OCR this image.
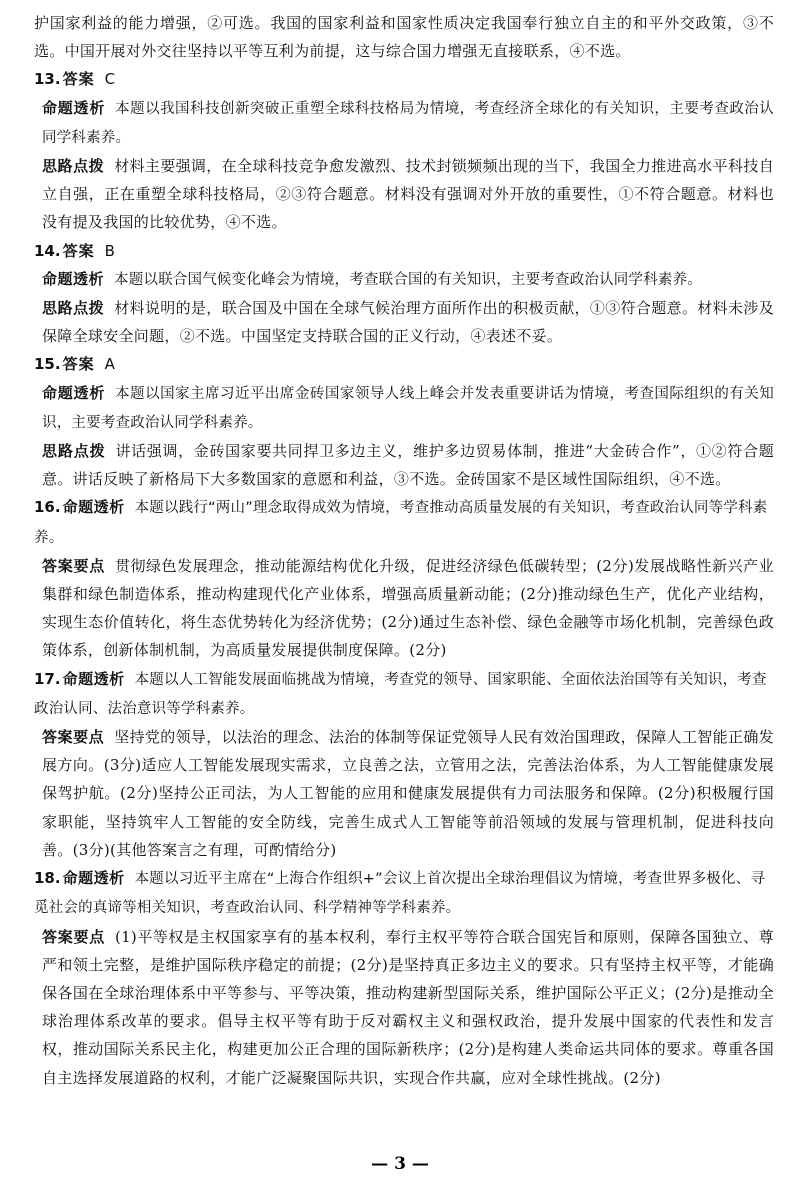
护国家利益的能力增强，②可选。我国的国家利益和国家性质决定我国奉行独立自主的和平外交政策，③不选。中国开展对外交往坚持以平等互利为前提，这与综合国力增强无直接联系，④不选。

13. 答案 C

命题透析 本题以我国科技创新突破正重塑全球科技格局为情境，考查经济全球化的有关知识，主要考查政治认同学科素养。

思路点拨 材料主要强调，在全球科技竞争愈发激烈、技术封锁频频出现的当下，我国全力推进高水平科技自立自强，正在重塑全球科技格局，②③符合题意。材料没有强调对外开放的重要性，①不符合题意。材料也没有提及我国的比较优势，④不选。

14. 答案 B

命题透析 本题以联合国气候变化峰会为情境，考查联合国的有关知识，主要考查政治认同学科素养。

思路点拨 材料说明的是，联合国及中国在全球气候治理方面所作出的积极贡献，①③符合题意。材料未涉及保障全球安全问题，②不选。中国坚定支持联合国的正义行动，④表述不妥。

15. 答案 A

命题透析 本题以国家主席习近平出席金砖国家领导人线上峰会并发表重要讲话为情境，考查国际组织的有关知识，主要考查政治认同学科素养。

思路点拨 讲话强调，金砖国家要共同捍卫多边主义，维护多边贸易体制，推进“大金砖合作”，①②符合题意。讲话反映了新格局下大多数国家的意愿和利益，③不选。金砖国家不是区域性国际组织，④不选。

16. 命题透析 本题以践行“两山”理念取得成效为情境，考查推动高质量发展的有关知识，考查政治认同等学科素养。

答案要点 贯彻绿色发展理念，推动能源结构优化升级，促进经济绿色低碳转型；(2分)发展战略性新兴产业集群和绿色制造体系，推动构建现代化产业体系，增强高质量新动能；(2分)推动绿色生产，优化产业结构，实现生态价值转化，将生态优势转化为经济优势；(2分)通过生态补偿、绿色金融等市场化机制，完善绿色政策体系，创新体制机制，为高质量发展提供制度保障。(2分)

17. 命题透析 本题以人工智能发展面临挑战为情境，考查党的领导、国家职能、全面依法治国等有关知识，考查政治认同、法治意识等学科素养。

答案要点 坚持党的领导，以法治的理念、法治的体制等保证党领导人民有效治国理政，保障人工智能正确发展方向。(3分)适应人工智能发展现实需求，立良善之法，立管用之法，完善法治体系，为人工智能健康发展保驾护航。(2分)坚持公正司法，为人工智能的应用和健康发展提供有力司法服务和保障。(2分)积极履行国家职能，坚持筑牢人工智能的安全防线，完善生成式人工智能等前沿领域的发展与管理机制，促进科技向善。(3分)(其他答案言之有理，可酌情给分)

18. 命题透析 本题以习近平主席在“上海合作组织+”会议上首次提出全球治理倡议为情境，考查世界多极化、寻觅社会的真谛等相关知识，考查政治认同、科学精神等学科素养。

答案要点 (1)平等权是主权国家享有的基本权利，奉行主权平等符合联合国宪旨和原则，保障各国独立、尊严和领土完整，是维护国际秩序稳定的前提；(2分)是坚持真正多边主义的要求。只有坚持主权平等，才能确保各国在全球治理体系中平等参与、平等决策，推动构建新型国际关系，维护国际公平正义；(2分)是推动全球治理体系改革的要求。倡导主权平等有助于反对霸权主义和强权政治，提升发展中国家的代表性和发言权，推动国际关系民主化，构建更加公正合理的国际新秩序；(2分)是构建人类命运共同体的要求。尊重各国自主选择发展道路的权利，才能广泛凝聚国际共识，实现合作共赢，应对全球性挑战。(2分)

— 3 —
